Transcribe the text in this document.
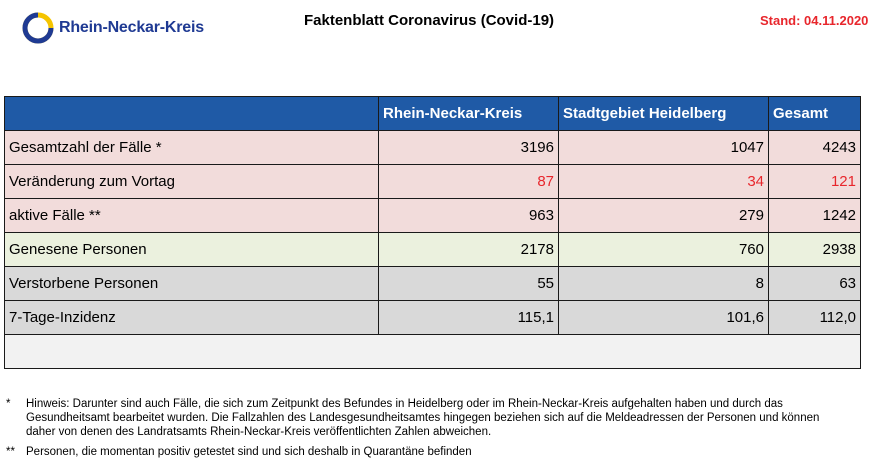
Rhein-Neckar-Kreis	Faktenblatt Coronavirus (Covid-19)	Stand: 04.11.2020
	Rhein-Neckar-Kreis	Stadtgebiet Heidelberg	Gesamt
Gesamtzahl der Fälle *	3196	1047	4243
Veränderung zum Vortag	87	34	121
aktive Fälle **	963	279	1242
Genesene Personen	2178	760	2938
Verstorbene Personen	55	8	63
7-Tage-Inzidenz	115,1	101,6	112,0

*	Hinweis: Darunter sind auch Fälle, die sich zum Zeitpunkt des Befundes in Heidelberg oder im Rhein-Neckar-Kreis aufgehalten haben und durch das Gesundheitsamt bearbeitet wurden. Die Fallzahlen des Landesgesundheitsamtes hingegen beziehen sich auf die Meldeadressen der Personen und können daher von denen des Landratsamts Rhein-Neckar-Kreis veröffentlichten Zahlen abweichen.
** Personen, die momentan positiv getestet sind und sich deshalb in Quarantäne befinden
